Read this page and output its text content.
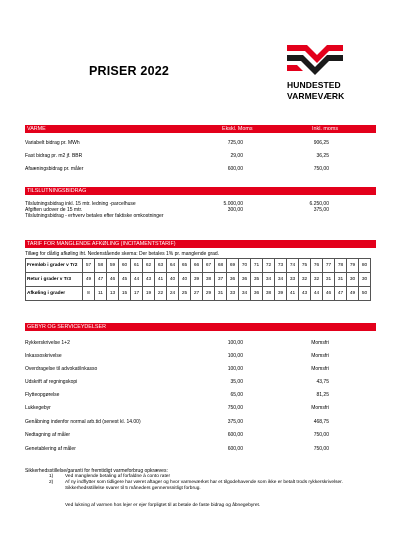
PRISER 2022
HUNDESTED
VARMEVÆRK
VARME	Ekskl. Moms	Inkl. moms
Variabelt bidrag pr. MWh	725,00	906,25
Fast bidrag pr. m2 jf. BBR	29,00	36,25
Afsæningsbidrag pr. måler	600,00	750,00
TILSLUTNINGSBIDRAG
Tilslutningsbidrag inkl. 15 mtr. ledning -parcelhuse	5.000,00	6.250,00
Afgiften udover de 15 mtr.	300,00	375,00
Tilslutningsbidrag - erhverv betales efter faktiske omkostninger
TARIF FOR MANGLENDE AFKØLING (INCITAMENTSTARIF)
Tillæg for dårlig afkøling iht. Nedenstående skema: Der betales 1% pr. manglende grad.
Fremløb i grader v Tr2	57	58	59	60	61	62	63	64	65	66	67	68	69	70	71	72	73	74	75	76	77	78	79	80
Retur i grader v Tr3	49	47	46	45	44	43	41	40	40	39	38	37	36	36	35	34	34	33	32	32	31	31	30	30
Afkøling i grader	8	11	13	15	17	19	22	24	25	27	29	31	33	34	36	38	39	41	43	44	46	47	49	50
GEBYR OG SERVICEYDELSER
Rykkerskrivelse 1+2	100,00	Momsfri
Inkassoskrivelse	100,00	Momsfri
Overdragelse til advokat/inkasso	100,00	Momsfri
Udskrift af regningskopi	35,00	43,75
Flytteopgørelse	65,00	81,25
Lukkegebyr	750,00	Momsfri
Genåbning indenfor normal arb.tid (senest kl. 14.00)	375,00	468,75
Nedtagning af måler	600,00	750,00
Genetablering af måler	600,00	750,00
Sikkerhedsstillelse/garanti for fremtidigt varmeforbrug opkræves:
1) Ved manglende betaling af forfaldne à conto rater
2) Af ny indflytter som tidligere har været aftager og hvor varmeværket har et tilgodehavende som ikke er betalt trods rykkerskrivelser.
Sikkerhedsstillelse svarer til 5 måneders gennemsnitligt forbrug.
Ved lukning af varmen hos lejer er ejer forpligtet til at betale de faste bidrag og åbnegebyret.
